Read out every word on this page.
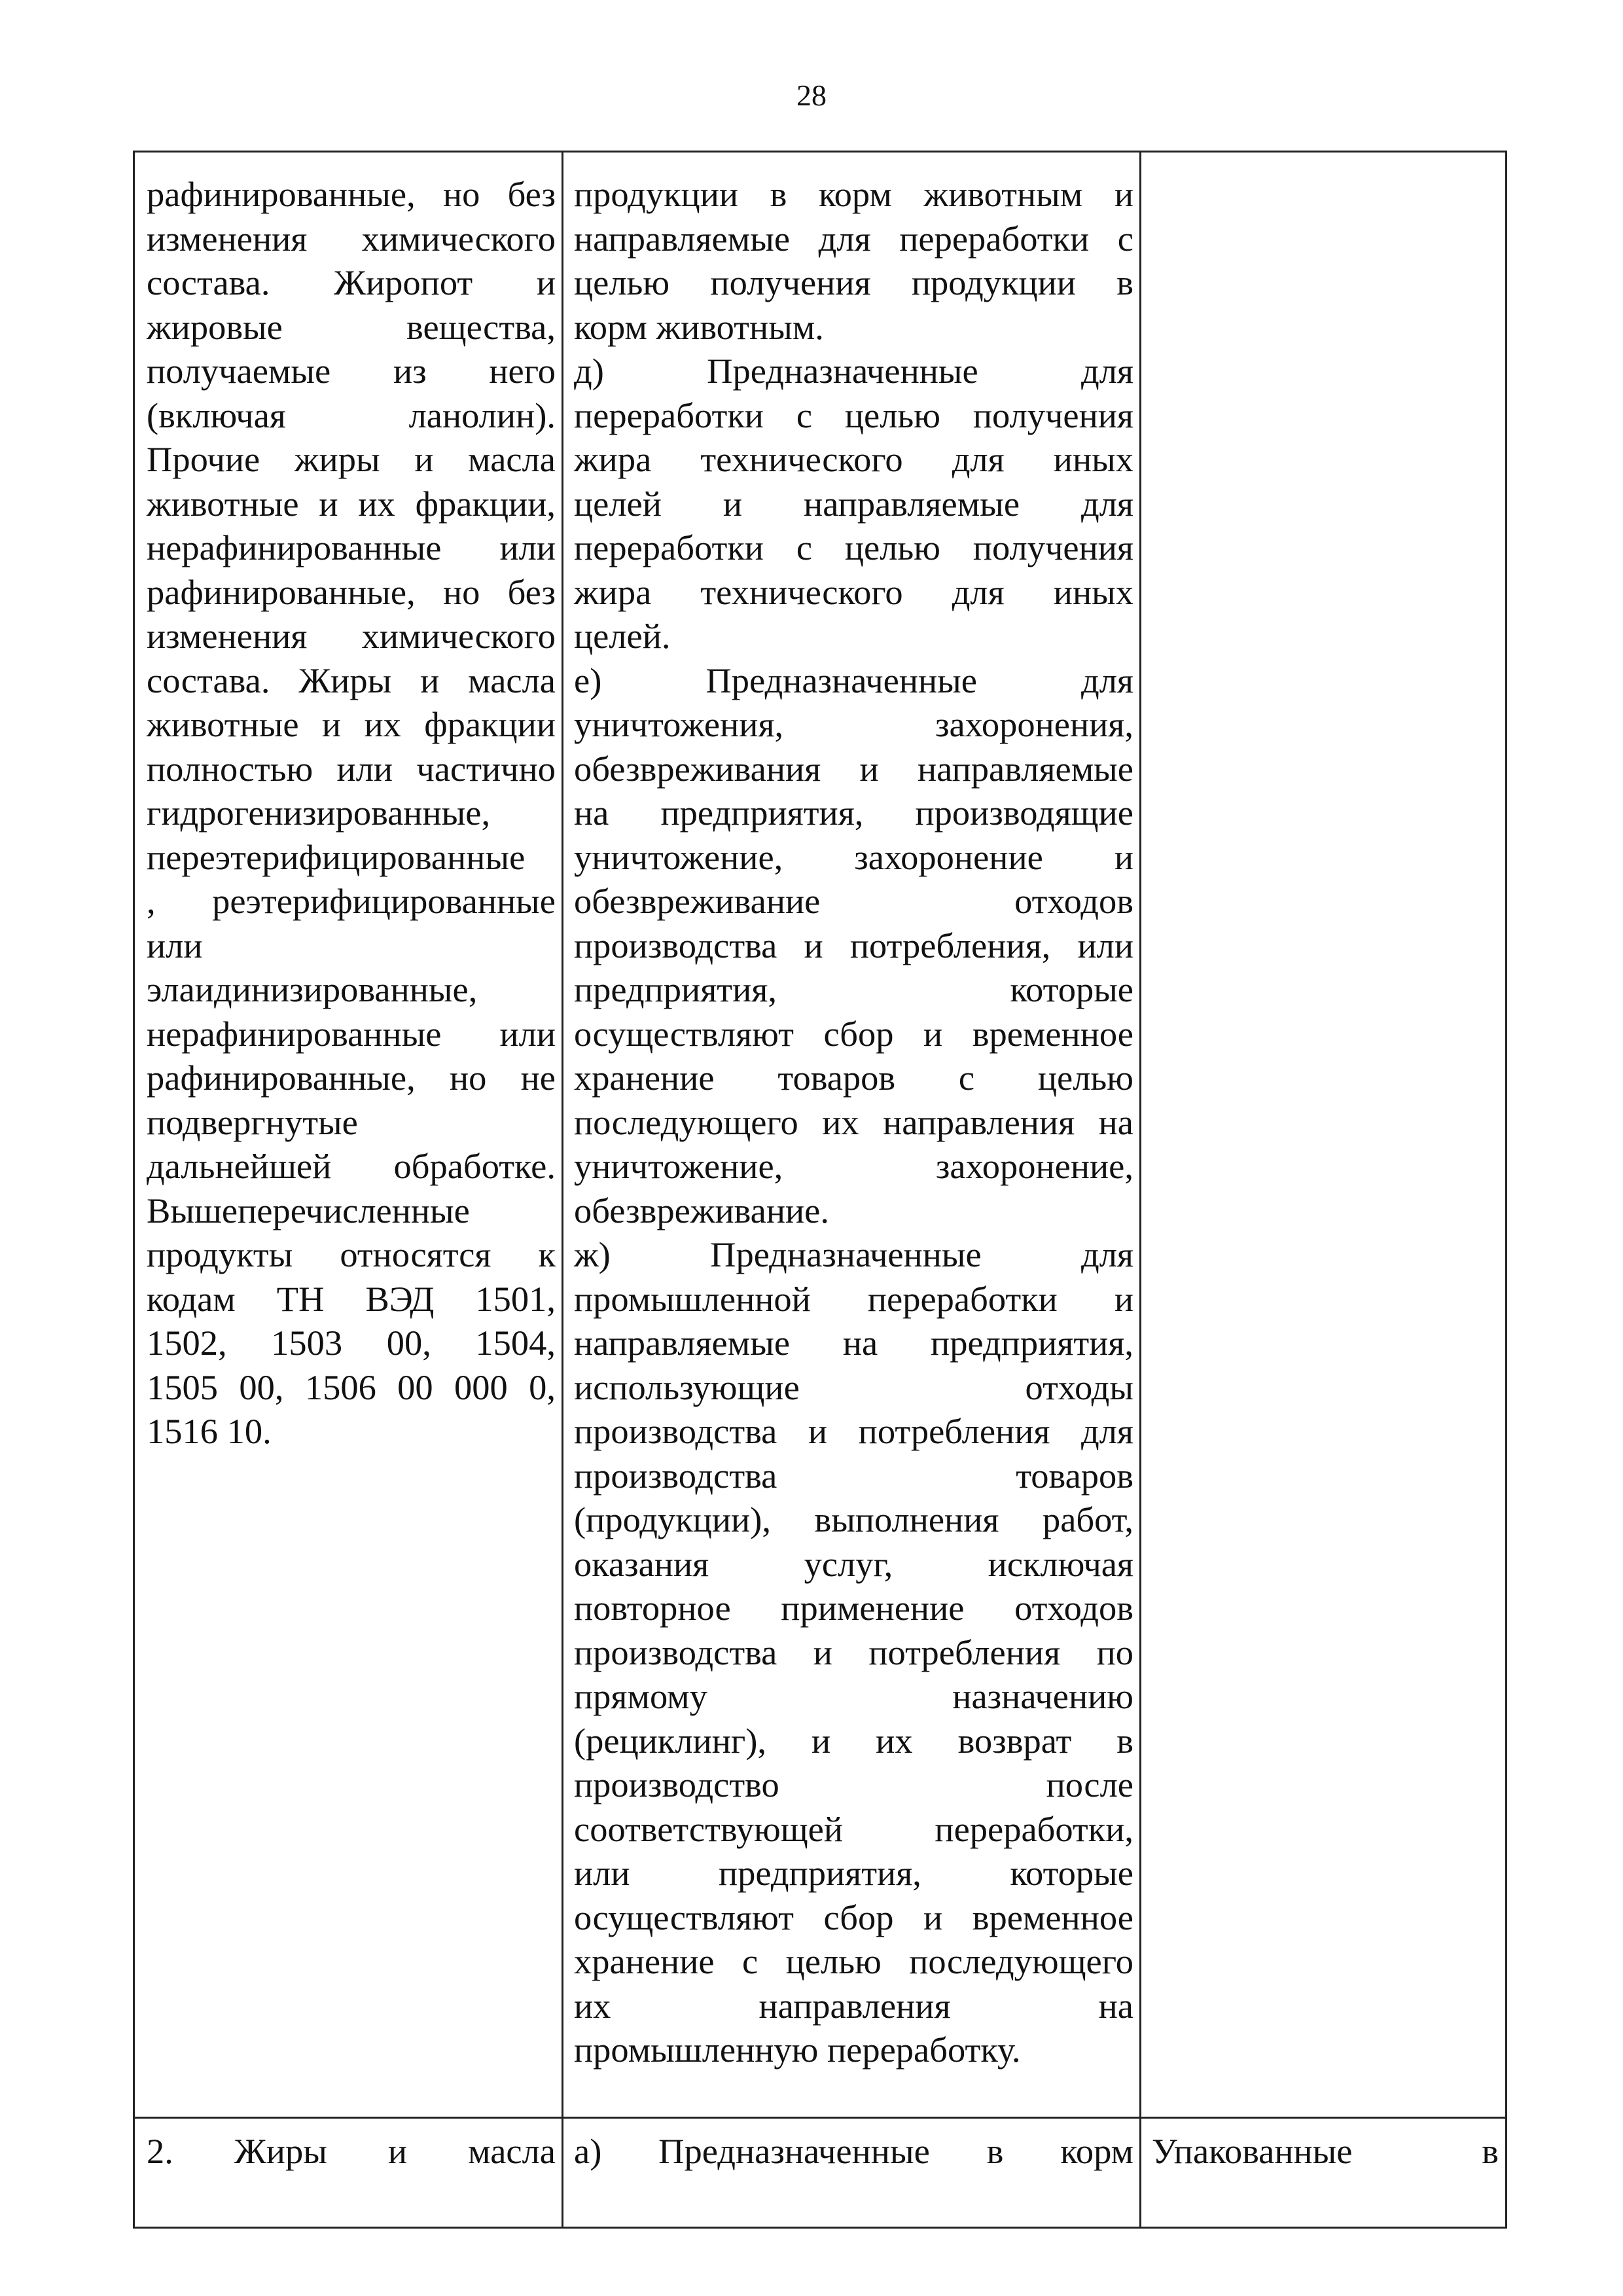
28
рафинированные, но без
изменения химического
состава. Жиропот и
жировые вещества,
получаемые из него
(включая ланолин).
Прочие жиры и масла
животные и их фракции,
нерафинированные или
рафинированные, но без
изменения химического
состава. Жиры и масла
животные и их фракции
полностью или частично
гидрогенизированные,
переэтерифицированные
, реэтерифицированные
или
элаидинизированные,
нерафинированные или
рафинированные, но не
подвергнутые
дальнейшей обработке.
Вышеперечисленные
продукты относятся к
кодам ТН ВЭД 1501,
1502, 1503 00, 1504,
1505 00, 1506 00 000 0,
1516 10.
продукции в корм животным и
направляемые для переработки с
целью получения продукции в
корм животным.
д) Предназначенные для
переработки с целью получения
жира технического для иных
целей и направляемые для
переработки с целью получения
жира технического для иных
целей.
е) Предназначенные для
уничтожения, захоронения,
обезвреживания и направляемые
на предприятия, производящие
уничтожение, захоронение и
обезвреживание отходов
производства и потребления, или
предприятия, которые
осуществляют сбор и временное
хранение товаров с целью
последующего их направления на
уничтожение, захоронение,
обезвреживание.
ж) Предназначенные для
промышленной переработки и
направляемые на предприятия,
использующие отходы
производства и потребления для
производства товаров
(продукции), выполнения работ,
оказания услуг, исключая
повторное применение отходов
производства и потребления по
прямому назначению
(рециклинг), и их возврат в
производство после
соответствующей переработки,
или предприятия, которые
осуществляют сбор и временное
хранение с целью последующего
их направления на
промышленную переработку.
2. Жиры и масла а) Предназначенные в корм Упакованные в
